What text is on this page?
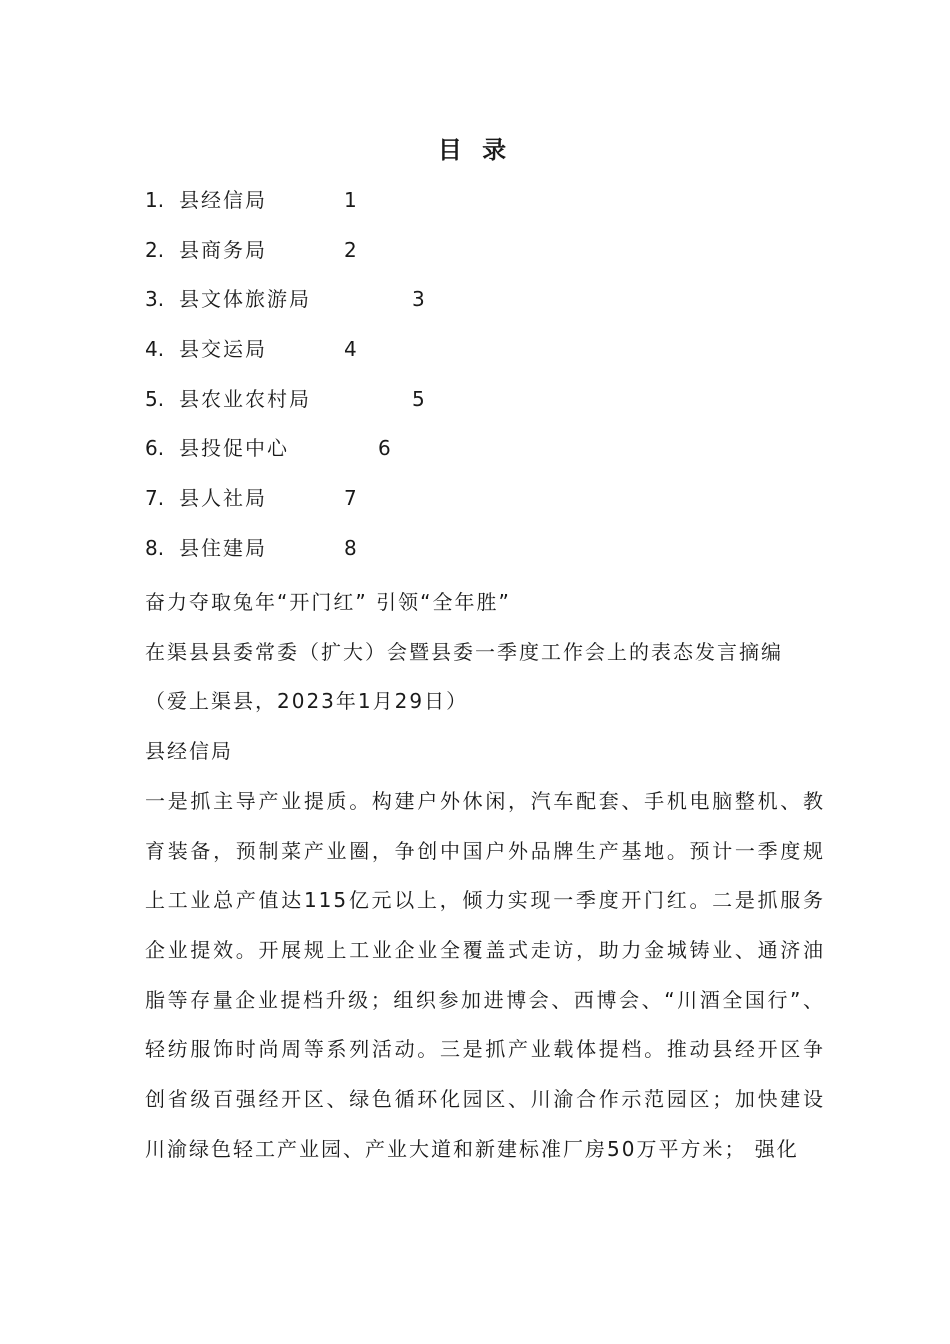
目 录
1. 县经信局	1
2. 县商务局	2
3. 县文体旅游局	3
4. 县交运局	4
5. 县农业农村局	5
6. 县投促中心	6
7. 县人社局	7
8. 县住建局	8

奋力夺取兔年“开门红” 引领“全年胜”

在渠县县委常委（扩大）会暨县委一季度工作会上的表态发言摘编

（爱上渠县，2023年1月29日）

县经信局

一是抓主导产业提质。构建户外休闲，汽车配套、手机电脑整机、教育装备，预制菜产业圈，争创中国户外品牌生产基地。预计一季度规上工业总产值达115亿元以上，倾力实现一季度开门红。二是抓服务企业提效。开展规上工业企业全覆盖式走访，助力金城铸业、通济油脂等存量企业提档升级；组织参加进博会、西博会、“川酒全国行”、轻纺服饰时尚周等系列活动。三是抓产业载体提档。推动县经开区争创省级百强经开区、绿色循环化园区、川渝合作示范园区；加快建设川渝绿色轻工产业园、产业大道和新建标准厂房50万平方米； 强化
